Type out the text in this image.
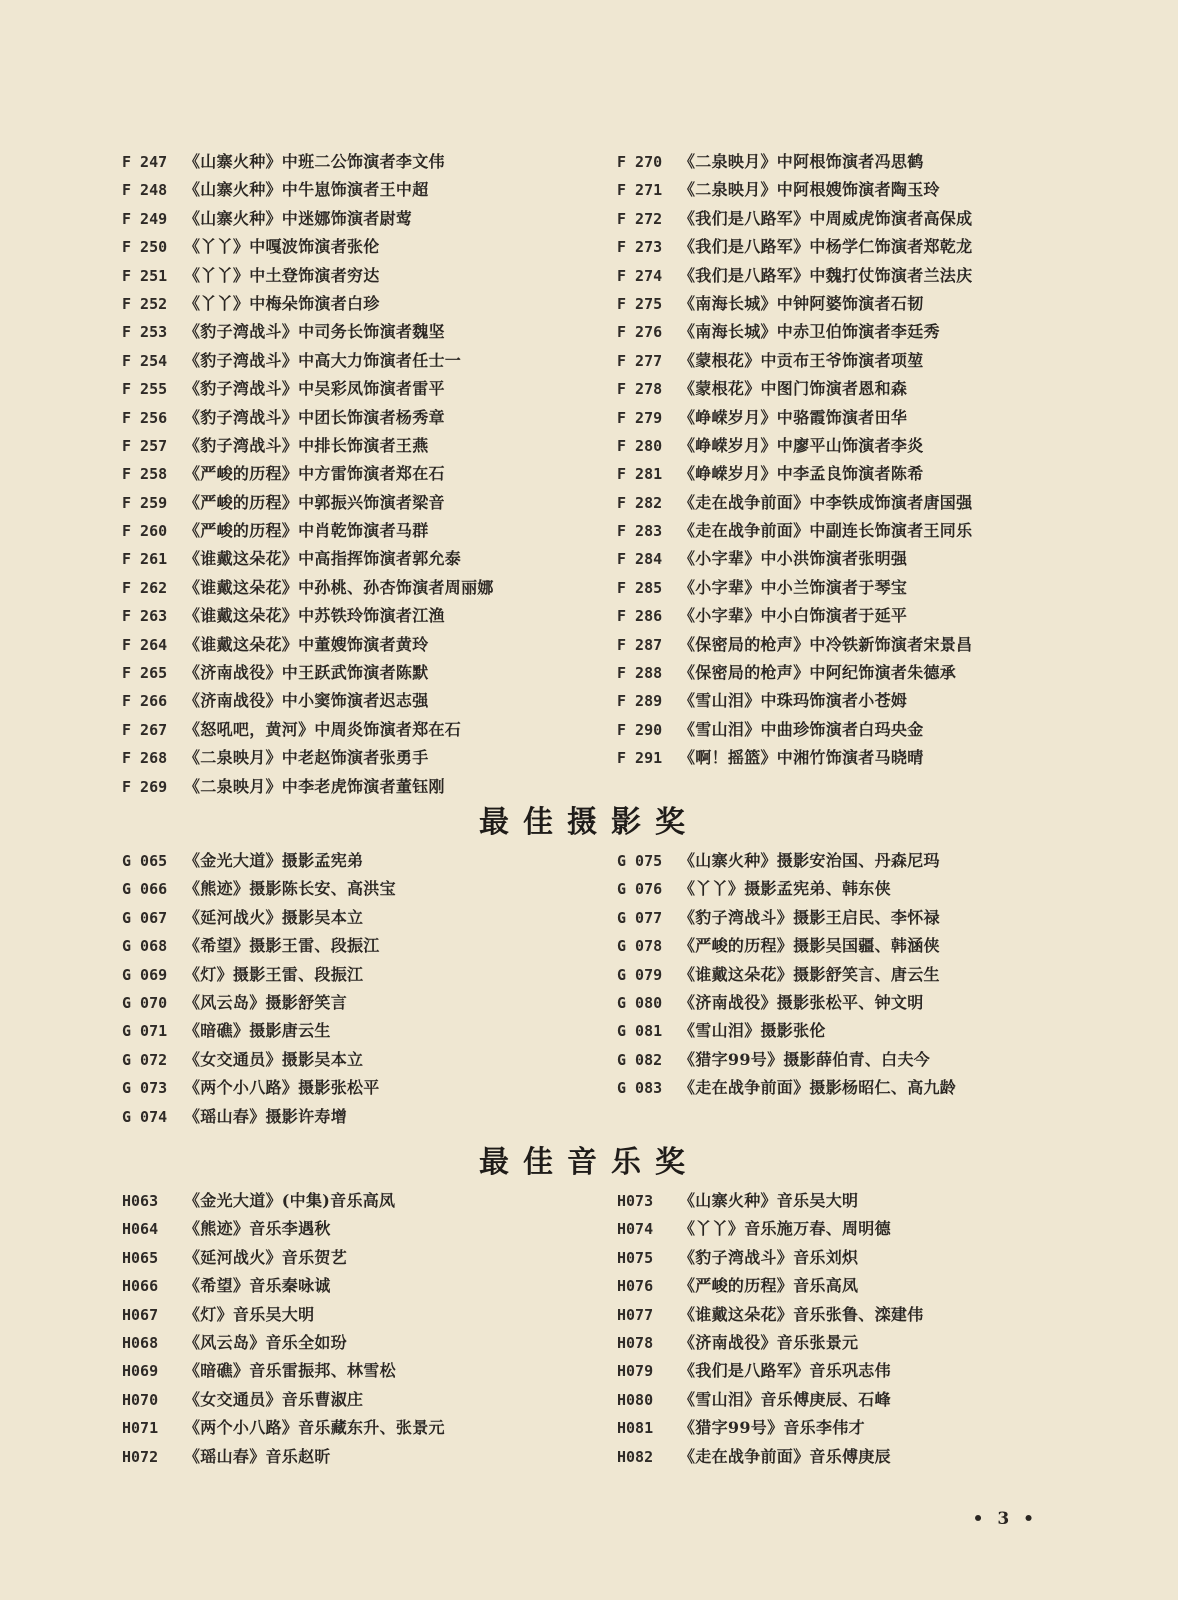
F 247 《山寨火种》中班二公饰演者李文伟
F 248 《山寨火种》中牛崽饰演者王中超
F 249 《山寨火种》中迷娜饰演者尉莺
F 250 《丫丫》中嘎波饰演者张伦
F 251 《丫丫》中土登饰演者穷达
F 252 《丫丫》中梅朵饰演者白珍
F 253 《豹子湾战斗》中司务长饰演者魏坚
F 254 《豹子湾战斗》中高大力饰演者任士一
F 255 《豹子湾战斗》中吴彩凤饰演者雷平
F 256 《豹子湾战斗》中团长饰演者杨秀章
F 257 《豹子湾战斗》中排长饰演者王燕
F 258 《严峻的历程》中方雷饰演者郑在石
F 259 《严峻的历程》中郭振兴饰演者梁音
F 260 《严峻的历程》中肖乾饰演者马群
F 261 《谁戴这朵花》中高指挥饰演者郭允泰
F 262 《谁戴这朵花》中孙桃、孙杏饰演者周丽娜
F 263 《谁戴这朵花》中苏铁玲饰演者江渔
F 264 《谁戴这朵花》中董嫂饰演者黄玲
F 265 《济南战役》中王跃武饰演者陈默
F 266 《济南战役》中小窦饰演者迟志强
F 267 《怒吼吧，黄河》中周炎饰演者郑在石
F 268 《二泉映月》中老赵饰演者张勇手
F 269 《二泉映月》中李老虎饰演者董钰刚
F 270 《二泉映月》中阿根饰演者冯思鹤
F 271 《二泉映月》中阿根嫂饰演者陶玉玲
F 272 《我们是八路军》中周威虎饰演者高保成
F 273 《我们是八路军》中杨学仁饰演者郑乾龙
F 274 《我们是八路军》中魏打仗饰演者兰法庆
F 275 《南海长城》中钟阿婆饰演者石韧
F 276 《南海长城》中赤卫伯饰演者李廷秀
F 277 《蒙根花》中贡布王爷饰演者项堃
F 278 《蒙根花》中图门饰演者恩和森
F 279 《峥嵘岁月》中骆霞饰演者田华
F 280 《峥嵘岁月》中廖平山饰演者李炎
F 281 《峥嵘岁月》中李孟良饰演者陈希
F 282 《走在战争前面》中李铁成饰演者唐国强
F 283 《走在战争前面》中副连长饰演者王同乐
F 284 《小字辈》中小洪饰演者张明强
F 285 《小字辈》中小兰饰演者于琴宝
F 286 《小字辈》中小白饰演者于延平
F 287 《保密局的枪声》中冷铁新饰演者宋景昌
F 288 《保密局的枪声》中阿纪饰演者朱德承
F 289 《雪山泪》中珠玛饰演者小苍姆
F 290 《雪山泪》中曲珍饰演者白玛央金
F 291 《啊！摇篮》中湘竹饰演者马晓晴
最佳摄影奖
G 065 《金光大道》摄影孟宪弟
G 066 《熊迹》摄影陈长安、高洪宝
G 067 《延河战火》摄影吴本立
G 068 《希望》摄影王雷、段振江
G 069 《灯》摄影王雷、段振江
G 070 《风云岛》摄影舒笑言
G 071 《暗礁》摄影唐云生
G 072 《女交通员》摄影吴本立
G 073 《两个小八路》摄影张松平
G 074 《瑶山春》摄影许寿增
G 075 《山寨火种》摄影安治国、丹森尼玛
G 076 《丫丫》摄影孟宪弟、韩东侠
G 077 《豹子湾战斗》摄影王启民、李怀禄
G 078 《严峻的历程》摄影吴国疆、韩涵侠
G 079 《谁戴这朵花》摄影舒笑言、唐云生
G 080 《济南战役》摄影张松平、钟文明
G 081 《雪山泪》摄影张伦
G 082 《猎字99号》摄影薛伯青、白夫今
G 083 《走在战争前面》摄影杨昭仁、高九龄
最佳音乐奖
H063 《金光大道》(中集)音乐高凤
H064 《熊迹》音乐李遇秋
H065 《延河战火》音乐贺艺
H066 《希望》音乐秦咏诚
H067 《灯》音乐吴大明
H068 《风云岛》音乐全如玢
H069 《暗礁》音乐雷振邦、林雪松
H070 《女交通员》音乐曹淑庄
H071 《两个小八路》音乐藏东升、张景元
H072 《瑶山春》音乐赵昕
H073 《山寨火种》音乐吴大明
H074 《丫丫》音乐施万春、周明德
H075 《豹子湾战斗》音乐刘炽
H076 《严峻的历程》音乐高凤
H077 《谁戴这朵花》音乐张鲁、滦建伟
H078 《济南战役》音乐张景元
H079 《我们是八路军》音乐巩志伟
H080 《雪山泪》音乐傅庚辰、石峰
H081 《猎字99号》音乐李伟才
H082 《走在战争前面》音乐傅庚辰
• 3 •
